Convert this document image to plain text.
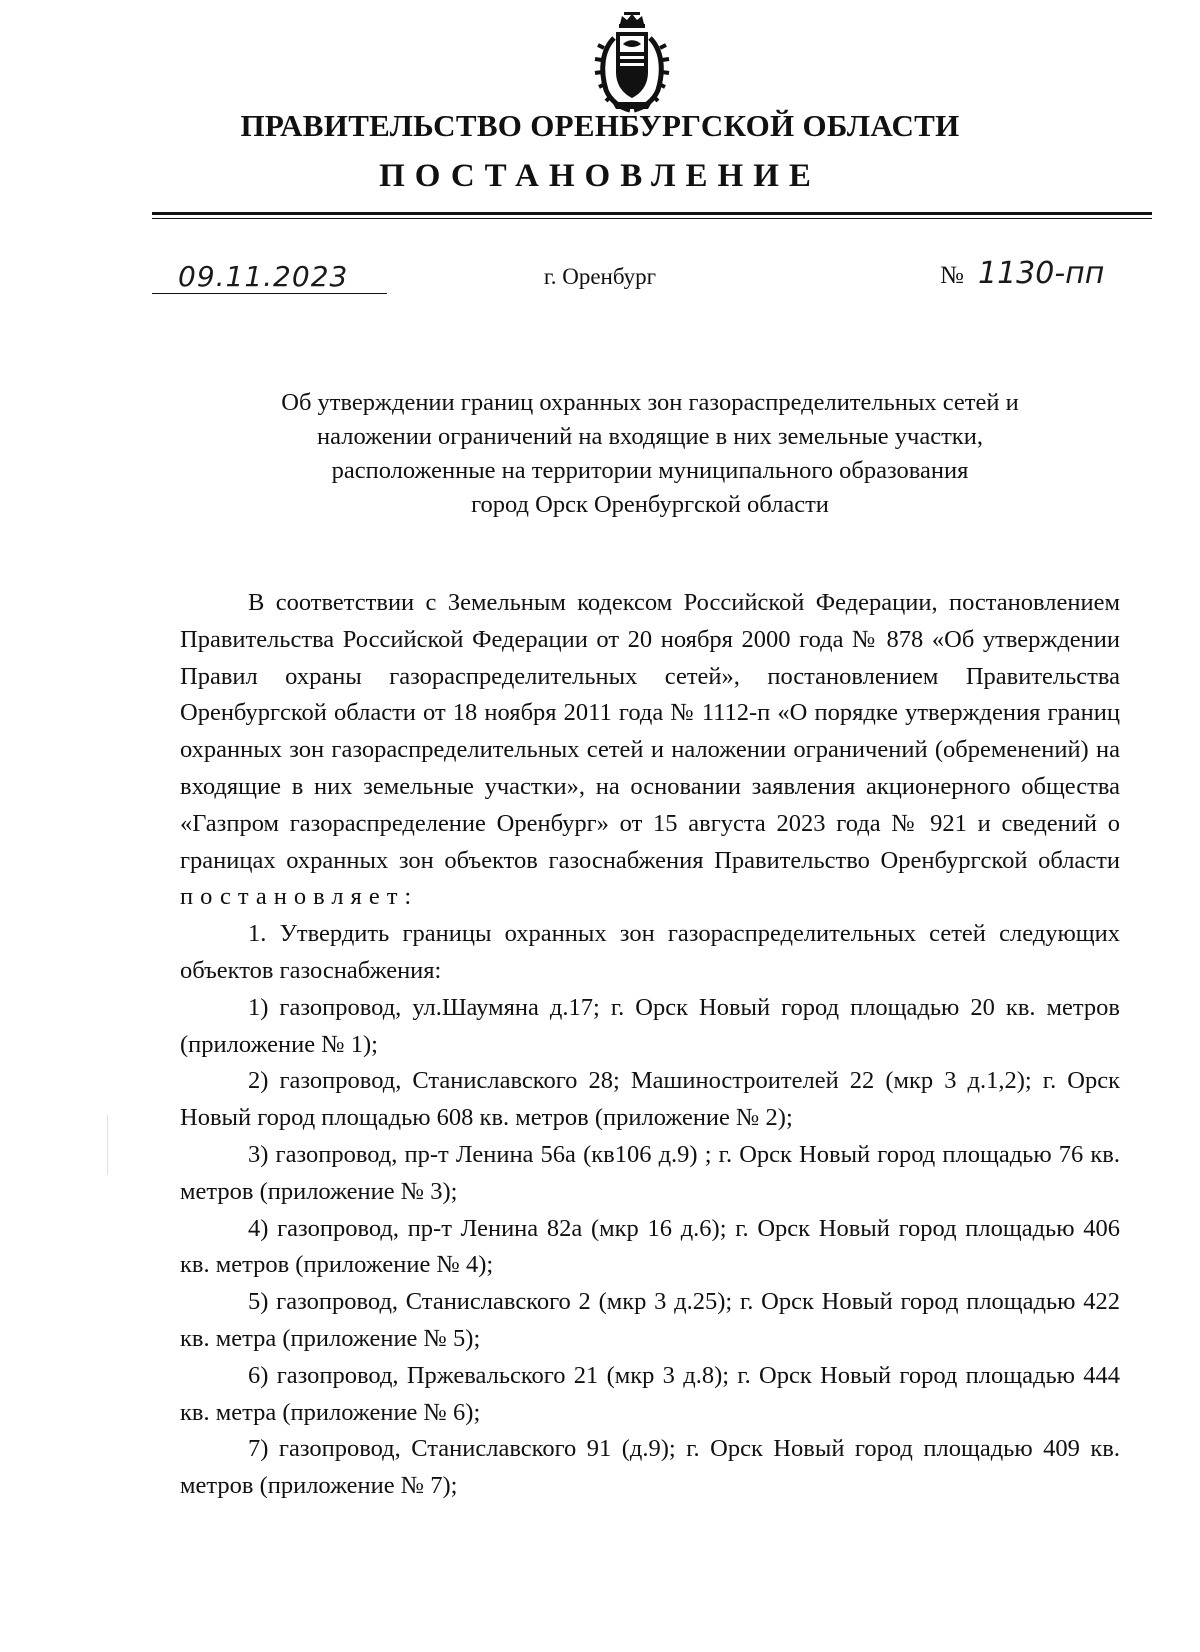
ПРАВИТЕЛЬСТВО ОРЕНБУРГСКОЙ ОБЛАСТИ
ПОСТАНОВЛЕНИЕ
09.11.2023	г. Оренбург	№ 1130-пп
Об утверждении границ охранных зон газораспределительных сетей и
наложении ограничений на входящие в них земельные участки,
расположенные на территории муниципального образования
город Орск Оренбургской области

В соответствии с Земельным кодексом Российской Федерации, постановлением Правительства Российской Федерации от 20 ноября 2000 года № 878 «Об утверждении Правил охраны газораспределительных сетей», постановлением Правительства Оренбургской области от 18 ноября 2011 года № 1112-п «О порядке утверждения границ охранных зон газораспределительных сетей и наложении ограничений (обременений) на входящие в них земельные участки», на основании заявления акционерного общества «Газпром газораспределение Оренбург» от 15 августа 2023 года № 921 и сведений о границах охранных зон объектов газоснабжения Правительство Оренбургской области постановляет:

1. Утвердить границы охранных зон газораспределительных сетей следующих объектов газоснабжения:

1) газопровод, ул.Шаумяна д.17; г. Орск Новый город площадью 20 кв. метров (приложение № 1);

2) газопровод, Станиславского 28; Машиностроителей 22 (мкр 3 д.1,2); г. Орск Новый город площадью 608 кв. метров (приложение № 2);

3) газопровод, пр-т Ленина 56а (кв106 д.9) ; г. Орск Новый город площадью 76 кв. метров (приложение № 3);

4) газопровод, пр-т Ленина 82а (мкр 16 д.6); г. Орск Новый город площадью 406 кв. метров (приложение № 4);

5) газопровод, Станиславского 2 (мкр 3 д.25); г. Орск Новый город площадью 422 кв. метра (приложение № 5);

6) газопровод, Пржевальского 21 (мкр 3 д.8); г. Орск Новый город площадью 444 кв. метра (приложение № 6);

7) газопровод, Станиславского 91 (д.9); г. Орск Новый город площадью 409 кв. метров (приложение № 7);
